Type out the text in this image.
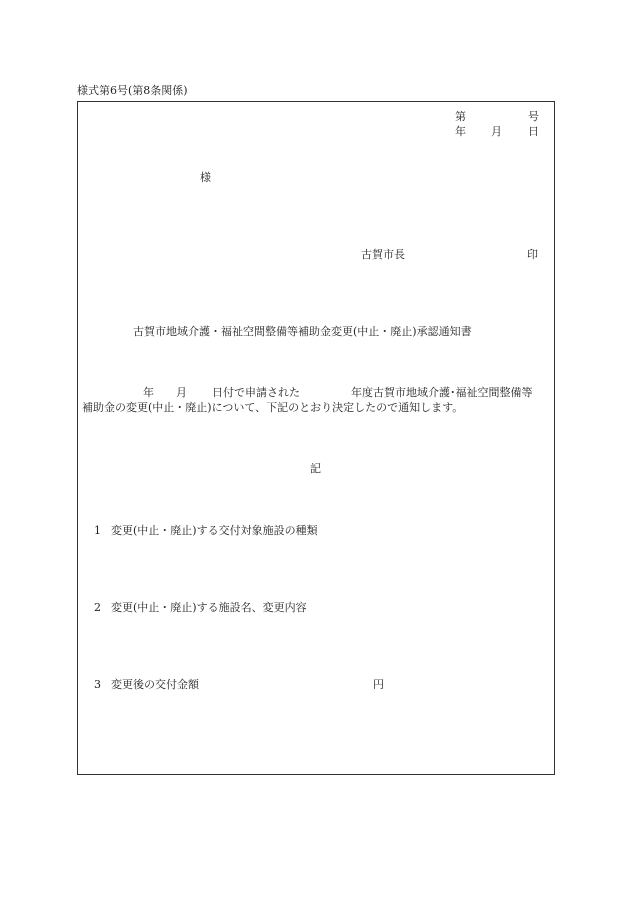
様式第6号(第8条関係)
第	号
年 月 日
様
古賀市長	印
古賀市地域介護・福祉空間整備等補助金変更(中止・廃止)承認通知書
年 月 日付で申請された	年度古賀市地域介護･福祉空間整備等
補助金の変更(中止・廃止)について、下記のとおり決定したので通知します。
記
1 変更(中止・廃止)する交付対象施設の種類
2 変更(中止・廃止)する施設名、変更内容
3 変更後の交付金額	円
